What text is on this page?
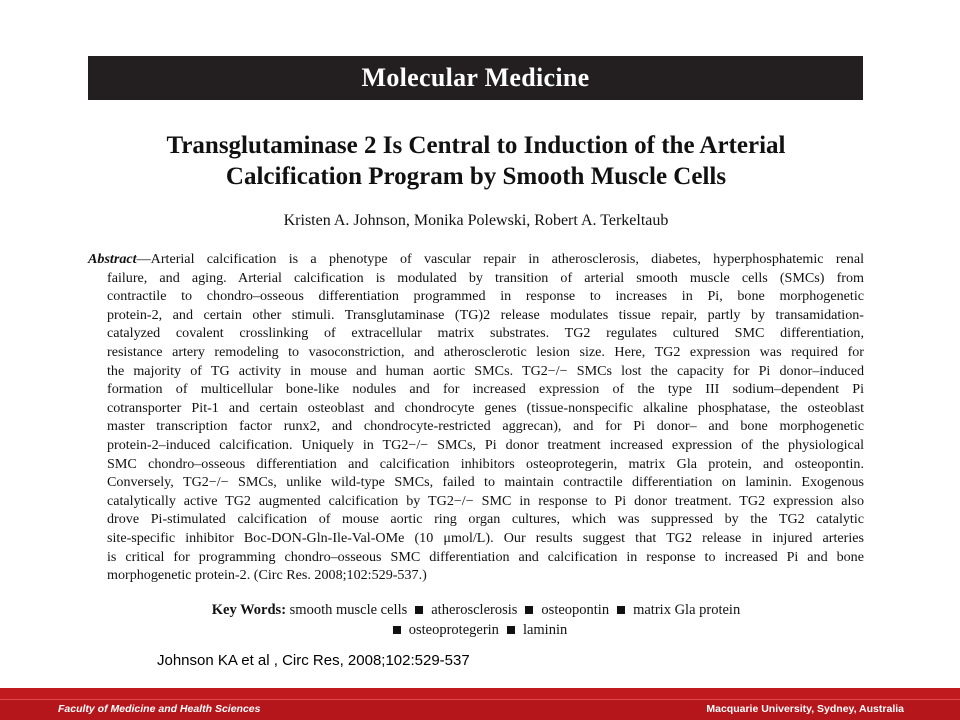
Molecular Medicine
Transglutaminase 2 Is Central to Induction of the Arterial
Calcification Program by Smooth Muscle Cells
Kristen A. Johnson, Monika Polewski, Robert A. Terkeltaub
Abstract—Arterial calcification is a phenotype of vascular repair in atherosclerosis, diabetes, hyperphosphatemic renal
failure, and aging. Arterial calcification is modulated by transition of arterial smooth muscle cells (SMCs) from
contractile to chondro–osseous differentiation programmed in response to increases in Pi, bone morphogenetic
protein-2, and certain other stimuli. Transglutaminase (TG)2 release modulates tissue repair, partly by transamidation-
catalyzed covalent crosslinking of extracellular matrix substrates. TG2 regulates cultured SMC differentiation,
resistance artery remodeling to vasoconstriction, and atherosclerotic lesion size. Here, TG2 expression was required for
the majority of TG activity in mouse and human aortic SMCs. TG2−/− SMCs lost the capacity for Pi donor–induced
formation of multicellular bone-like nodules and for increased expression of the type III sodium–dependent Pi
cotransporter Pit-1 and certain osteoblast and chondrocyte genes (tissue-nonspecific alkaline phosphatase, the osteoblast
master transcription factor runx2, and chondrocyte-restricted aggrecan), and for Pi donor– and bone morphogenetic
protein-2–induced calcification. Uniquely in TG2−/− SMCs, Pi donor treatment increased expression of the physiological
SMC chondro–osseous differentiation and calcification inhibitors osteoprotegerin, matrix Gla protein, and osteopontin.
Conversely, TG2−/− SMCs, unlike wild-type SMCs, failed to maintain contractile differentiation on laminin. Exogenous
catalytically active TG2 augmented calcification by TG2−/− SMC in response to Pi donor treatment. TG2 expression also
drove Pi-stimulated calcification of mouse aortic ring organ cultures, which was suppressed by the TG2 catalytic
site-specific inhibitor Boc-DON-Gln-Ile-Val-OMe (10 μmol/L). Our results suggest that TG2 release in injured arteries
is critical for programming chondro–osseous SMC differentiation and calcification in response to increased Pi and bone
morphogenetic protein-2. (Circ Res. 2008;102:529-537.)
Key Words: smooth muscle cells atherosclerosis osteopontin matrix Gla protein
osteoprotegerin laminin
Johnson KA et al , Circ Res, 2008;102:529-537
Faculty of Medicine and Health Sciences	Macquarie University, Sydney, Australia
